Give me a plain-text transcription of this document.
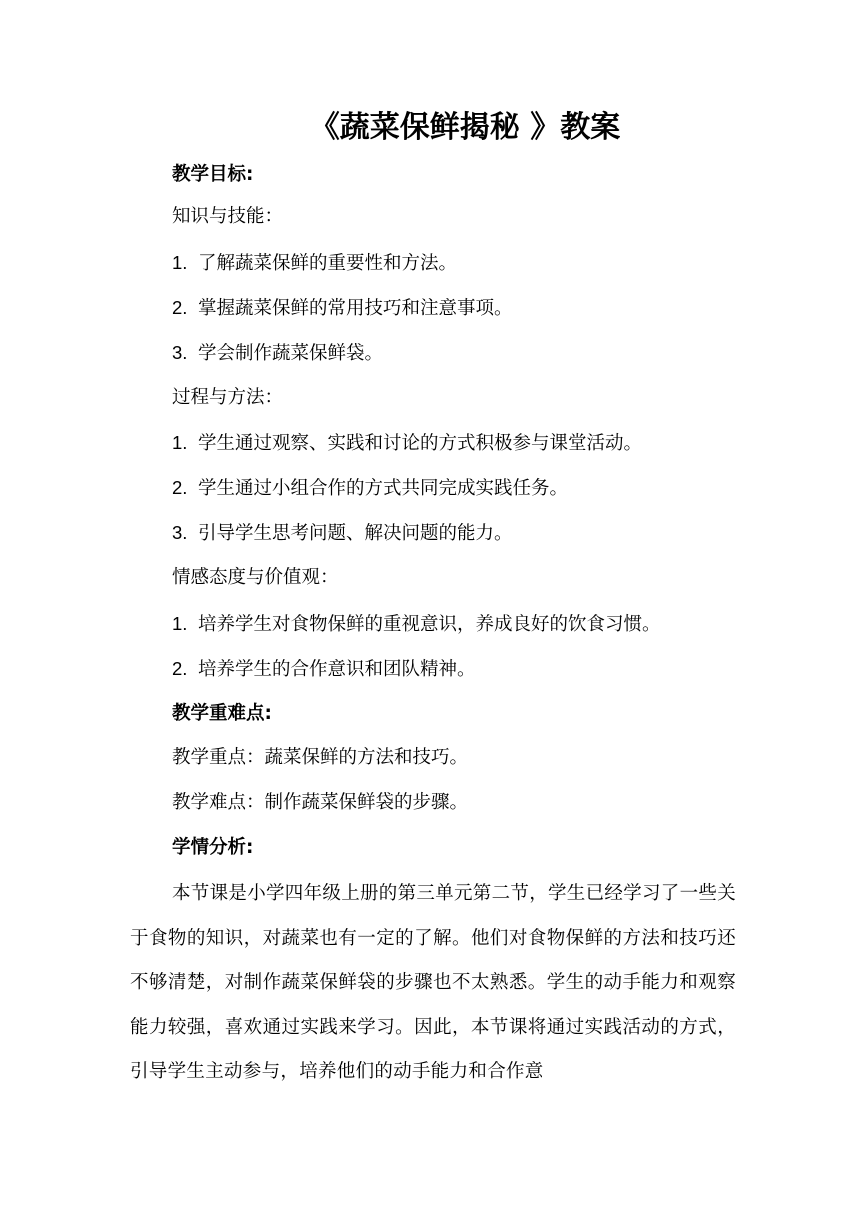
《蔬菜保鲜揭秘 》教案
教学目标:
知识与技能：
1. 了解蔬菜保鲜的重要性和方法。
2. 掌握蔬菜保鲜的常用技巧和注意事项。
3. 学会制作蔬菜保鲜袋。
过程与方法：
1. 学生通过观察、实践和讨论的方式积极参与课堂活动。
2. 学生通过小组合作的方式共同完成实践任务。
3. 引导学生思考问题、解决问题的能力。
情感态度与价值观：
1. 培养学生对食物保鲜的重视意识，养成良好的饮食习惯。
2. 培养学生的合作意识和团队精神。
教学重难点:
教学重点：蔬菜保鲜的方法和技巧。
教学难点：制作蔬菜保鲜袋的步骤。
学情分析:
本节课是小学四年级上册的第三单元第二节，学生已经学习了一些关于食物的知识，对蔬菜也有一定的了解。他们对食物保鲜的方法和技巧还不够清楚，对制作蔬菜保鲜袋的步骤也不太熟悉。学生的动手能力和观察能力较强，喜欢通过实践来学习。因此，本节课将通过实践活动的方式，引导学生主动参与，培养他们的动手能力和合作意
